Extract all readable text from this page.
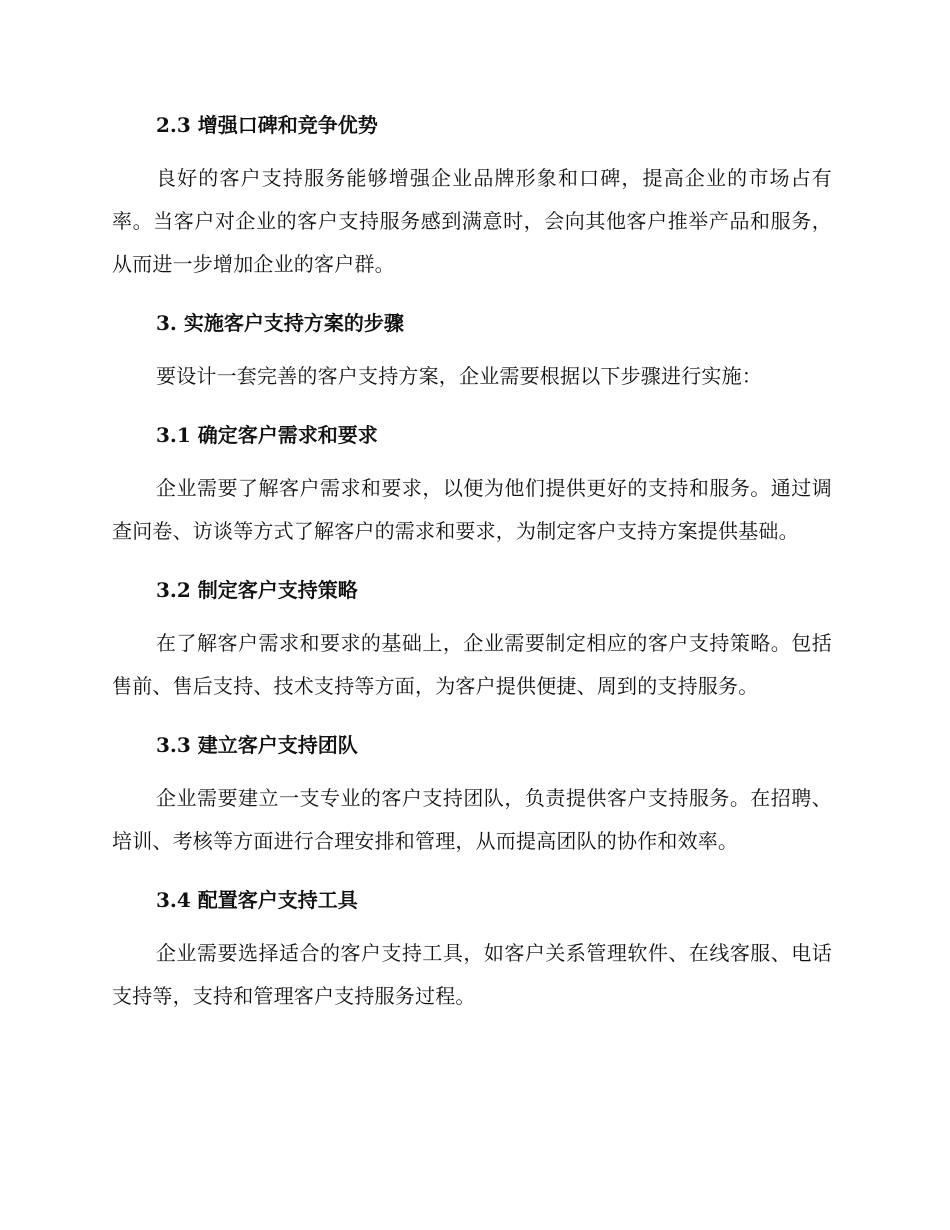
2.3 增强口碑和竞争优势

良好的客户支持服务能够增强企业品牌形象和口碑，提高企业的市场占有率。当客户对企业的客户支持服务感到满意时，会向其他客户推举产品和服务，从而进一步增加企业的客户群。

3. 实施客户支持方案的步骤

要设计一套完善的客户支持方案，企业需要根据以下步骤进行实施：

3.1 确定客户需求和要求

企业需要了解客户需求和要求，以便为他们提供更好的支持和服务。通过调查问卷、访谈等方式了解客户的需求和要求，为制定客户支持方案提供基础。

3.2 制定客户支持策略

在了解客户需求和要求的基础上，企业需要制定相应的客户支持策略。包括售前、售后支持、技术支持等方面，为客户提供便捷、周到的支持服务。

3.3 建立客户支持团队

企业需要建立一支专业的客户支持团队，负责提供客户支持服务。在招聘、培训、考核等方面进行合理安排和管理，从而提高团队的协作和效率。

3.4 配置客户支持工具

企业需要选择适合的客户支持工具，如客户关系管理软件、在线客服、电话支持等，支持和管理客户支持服务过程。
